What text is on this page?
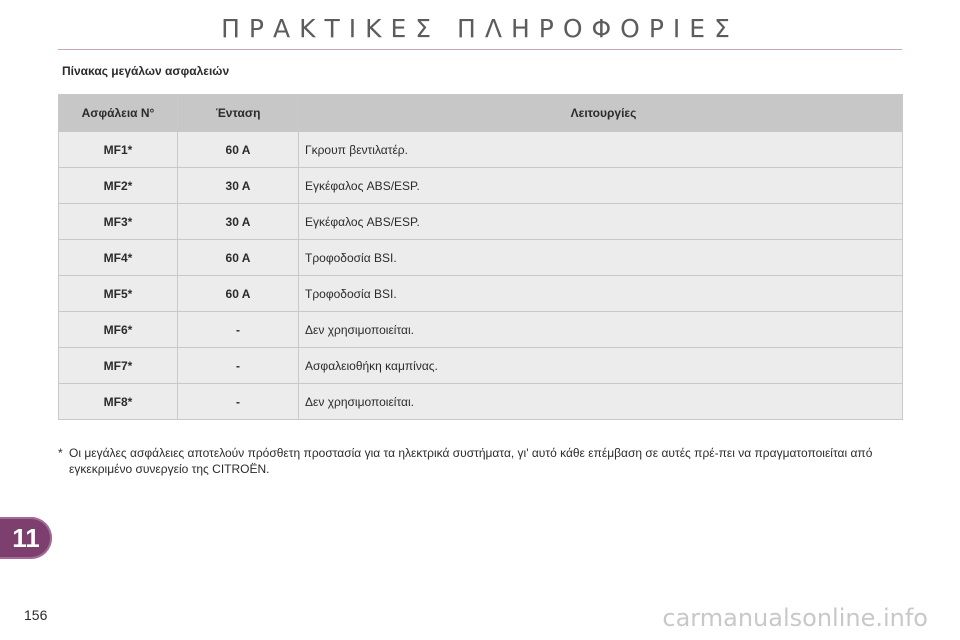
ΠΡΑΚΤΙΚΕΣ ΠΛΗΡΟΦΟΡΙΕΣ
Πίνακας μεγάλων ασφαλειών
Ασφάλεια N°	Ένταση	Λειτουργίες
MF1*	60 A	Γκρουπ βεντιλατέρ.
MF2*	30 A	Εγκέφαλος ABS/ESP.
MF3*	30 A	Εγκέφαλος ABS/ESP.
MF4*	60 A	Τροφοδοσία BSI.
MF5*	60 A	Τροφοδοσία BSI.
MF6*	-	Δεν χρησιμοποιείται.
MF7*	-	Ασφαλειοθήκη καμπίνας.
MF8*	-	Δεν χρησιμοποιείται.
* Οι μεγάλες ασφάλειες αποτελούν πρόσθετη προστασία για τα ηλεκτρικά συστήματα, γι' αυτό κάθε επέμβαση σε αυτές πρέ-πει να πραγματοποιείται από εγκεκριμένο συνεργείο της CITROËN.
11
156	carmanualsonline.info
